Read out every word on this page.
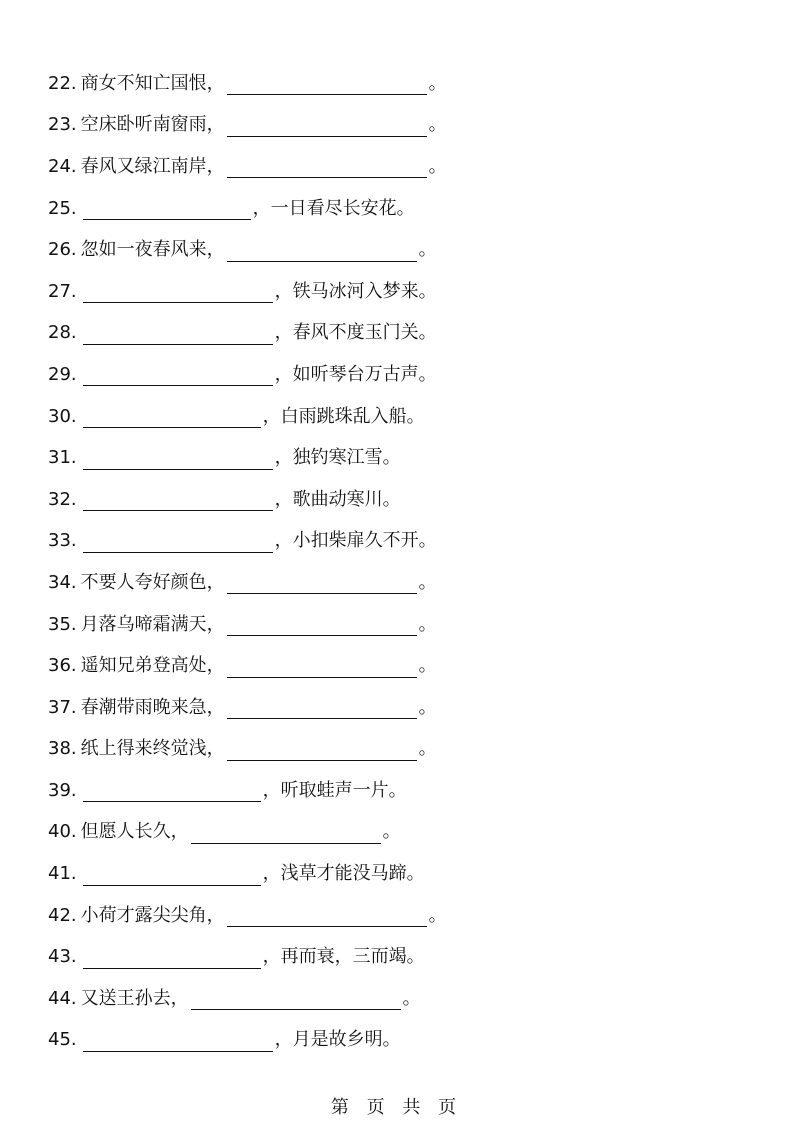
22. 商女不知亡国恨，	。
23. 空床卧听南窗雨，	。
24. 春风又绿江南岸，	。
25.	，一日看尽长安花。
26. 忽如一夜春风来，	。
27.	，铁马冰河入梦来。
28.	，春风不度玉门关。
29.	，如听琴台万古声。
30.	，白雨跳珠乱入船。
31.	，独钓寒江雪。
32.	，歌曲动寒川。
33.	，小扣柴扉久不开。
34. 不要人夸好颜色，	。
35. 月落乌啼霜满天，	。
36. 遥知兄弟登高处，	。
37. 春潮带雨晚来急，	。
38. 纸上得来终觉浅，	。
39.	，听取蛙声一片。
40. 但愿人长久，	。
41.	，浅草才能没马蹄。
42. 小荷才露尖尖角，	。
43.	，再而衰，三而竭。
44. 又送王孙去，	。
45.	，月是故乡明。
第 页 共 页
